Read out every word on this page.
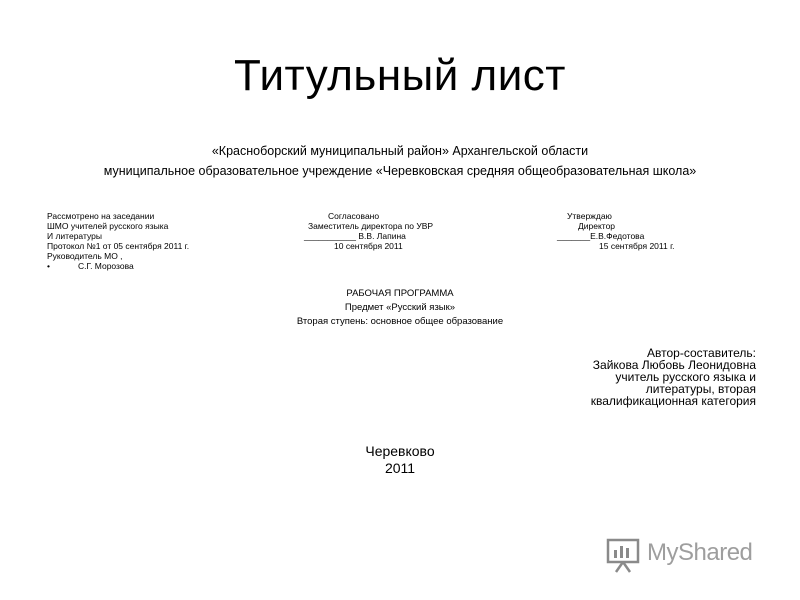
Титульный лист
«Красноборский муниципальный район» Архангельской области
муниципальное образовательное учреждение «Черевковская средняя общеобразовательная школа»
Рассмотрено на заседании
ШМО учителей русского языка
И литературы
Протокол №1 от 05 сентября 2011 г.
Руководитель МО ,
•	С.Г. Морозова
Согласовано
Заместитель директора по УВР
___________ В.В. Лапина
10 сентября 2011
Утверждаю
Директор
_______Е.В.Федотова
15 сентября 2011 г.
РАБОЧАЯ ПРОГРАММА
Предмет «Русский язык»
Вторая ступень: основное общее образование
Автор-составитель:
Зайкова Любовь Леонидовна
учитель русского языка и
литературы, вторая
квалификационная категория
Черевково
2011
MyShared
